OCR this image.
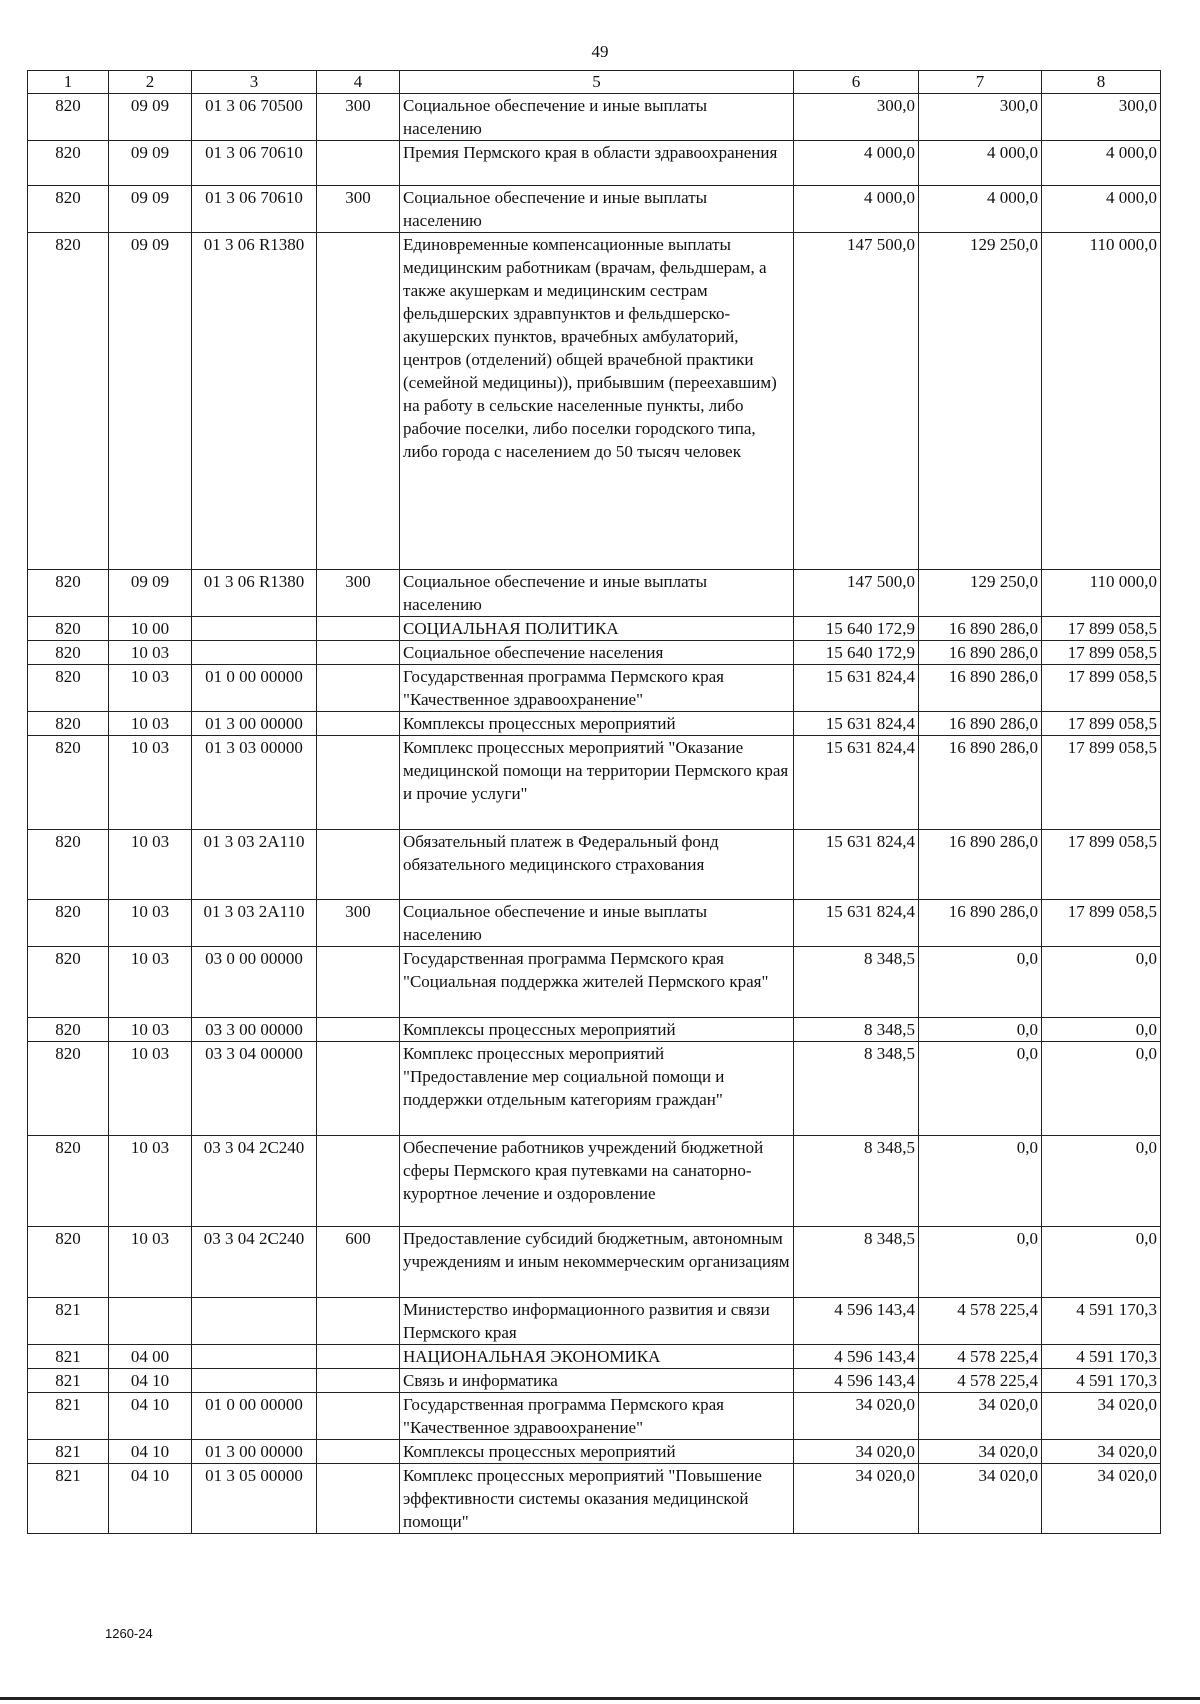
49
1	2	3	4	5	6	7	8
820	09 09	01 3 06 70500	300	Социальное обеспечение и иные выплаты населению	300,0	300,0	300,0
820	09 09	01 3 06 70610		Премия Пермского края в области здравоохранения	4 000,0	4 000,0	4 000,0
820	09 09	01 3 06 70610	300	Социальное обеспечение и иные выплаты населению	4 000,0	4 000,0	4 000,0
820	09 09	01 3 06 R1380		Единовременные компенсационные выплаты медицинским работникам (врачам, фельдшерам, а также акушеркам и медицинским сестрам фельдшерских здравпунктов и фельдшерско-акушерских пунктов, врачебных амбулаторий, центров (отделений) общей врачебной практики (семейной медицины)), прибывшим (переехавшим) на работу в сельские населенные пункты, либо рабочие поселки, либо поселки городского типа, либо города с населением до 50 тысяч человек	147 500,0	129 250,0	110 000,0
820	09 09	01 3 06 R1380	300	Социальное обеспечение и иные выплаты населению	147 500,0	129 250,0	110 000,0
820	10 00			СОЦИАЛЬНАЯ ПОЛИТИКА	15 640 172,9	16 890 286,0	17 899 058,5
820	10 03			Социальное обеспечение населения	15 640 172,9	16 890 286,0	17 899 058,5
820	10 03	01 0 00 00000		Государственная программа Пермского края "Качественное здравоохранение"	15 631 824,4	16 890 286,0	17 899 058,5
820	10 03	01 3 00 00000		Комплексы процессных мероприятий	15 631 824,4	16 890 286,0	17 899 058,5
820	10 03	01 3 03 00000		Комплекс процессных мероприятий "Оказание медицинской помощи на территории Пермского края и прочие услуги"	15 631 824,4	16 890 286,0	17 899 058,5
820	10 03	01 3 03 2А110		Обязательный платеж в Федеральный фонд обязательного медицинского страхования	15 631 824,4	16 890 286,0	17 899 058,5
820	10 03	01 3 03 2А110	300	Социальное обеспечение и иные выплаты населению	15 631 824,4	16 890 286,0	17 899 058,5
820	10 03	03 0 00 00000		Государственная программа Пермского края "Социальная поддержка жителей Пермского края"	8 348,5	0,0	0,0
820	10 03	03 3 00 00000		Комплексы процессных мероприятий	8 348,5	0,0	0,0
820	10 03	03 3 04 00000		Комплекс процессных мероприятий "Предоставление мер социальной помощи и поддержки отдельным категориям граждан"	8 348,5	0,0	0,0
820	10 03	03 3 04 2С240		Обеспечение работников учреждений бюджетной сферы Пермского края путевками на санаторно-курортное лечение и оздоровление	8 348,5	0,0	0,0
820	10 03	03 3 04 2С240	600	Предоставление субсидий бюджетным, автономным учреждениям и иным некоммерческим организациям	8 348,5	0,0	0,0
821				Министерство информационного развития и связи Пермского края	4 596 143,4	4 578 225,4	4 591 170,3
821	04 00			НАЦИОНАЛЬНАЯ ЭКОНОМИКА	4 596 143,4	4 578 225,4	4 591 170,3
821	04 10			Связь и информатика	4 596 143,4	4 578 225,4	4 591 170,3
821	04 10	01 0 00 00000		Государственная программа Пермского края "Качественное здравоохранение"	34 020,0	34 020,0	34 020,0
821	04 10	01 3 00 00000		Комплексы процессных мероприятий	34 020,0	34 020,0	34 020,0
821	04 10	01 3 05 00000		Комплекс процессных мероприятий "Повышение эффективности системы оказания медицинской помощи"	34 020,0	34 020,0	34 020,0
1260-24
